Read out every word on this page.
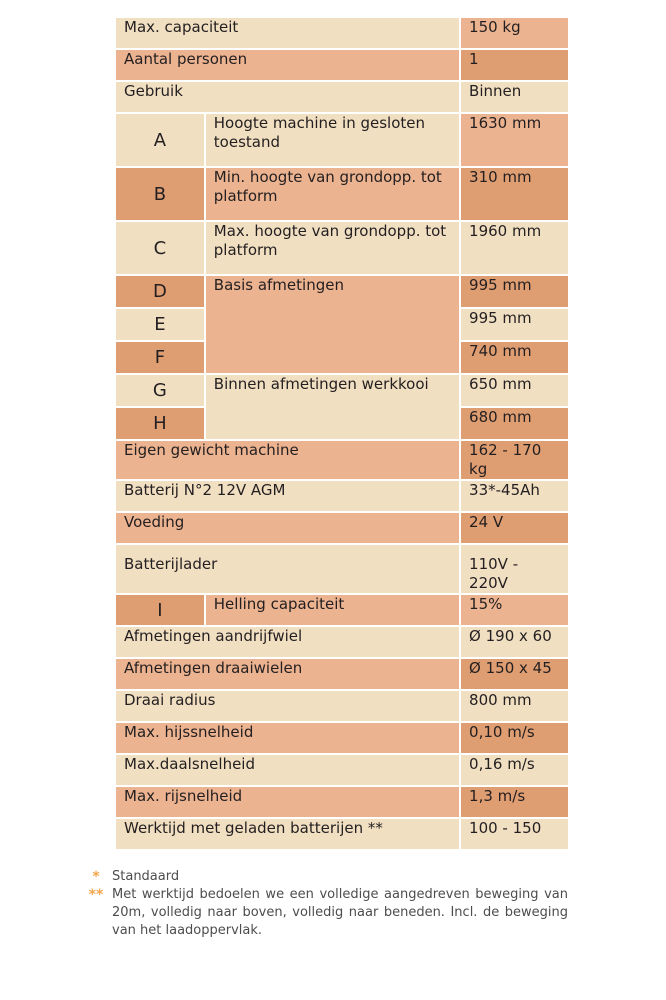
Max. capaciteit		150 kg
Aantal personen		1
Gebruik		Binnen
A	Hoogte machine in gesloten toestand	1630 mm
B	Min. hoogte van grondopp. tot platform	310 mm
C	Max. hoogte van grondopp. tot platform	1960 mm
D	Basis afmetingen	995 mm
E		995 mm
F		740 mm
G	Binnen afmetingen werkkooi	650 mm
H		680 mm
Eigen gewicht machine		162 - 170 kg
Batterij N°2 12V AGM		33*-45Ah
Voeding		24 V
Batterijlader		110V - 220V
I	Helling capaciteit	15%
Afmetingen aandrijfwiel		Ø 190 x 60
Afmetingen draaiwielen		Ø 150 x 45
Draai radius		800 mm
Max. hijssnelheid		0,10 m/s
Max.daalsnelheid		0,16 m/s
Max. rijsnelheid		1,3 m/s
Werktijd met geladen batterijen **		100 - 150
* Standaard
** Met werktijd bedoelen we een volledige aangedreven beweging van 20m, volledig naar boven, volledig naar beneden. Incl. de beweging van het laadoppervlak.
